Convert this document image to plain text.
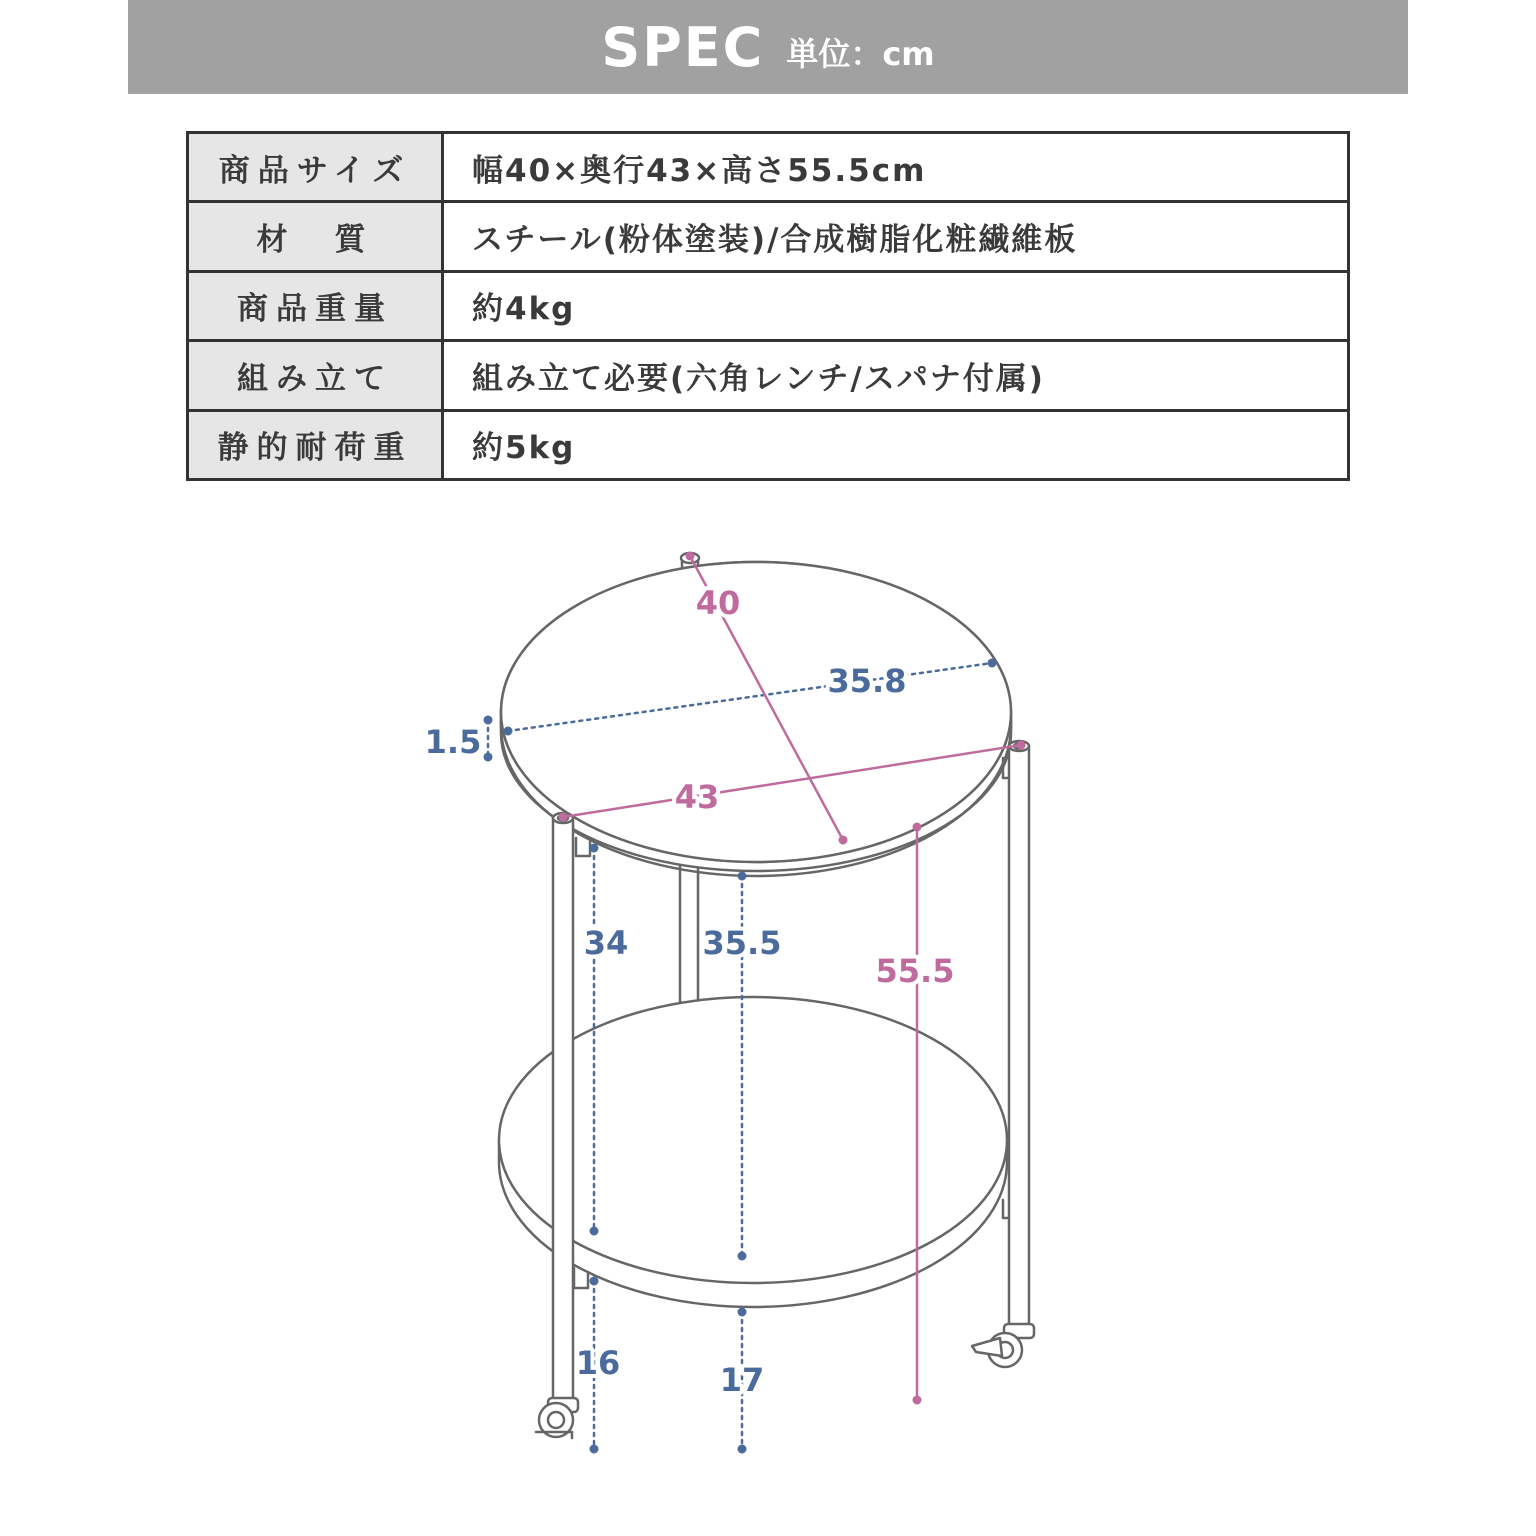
SPEC 単位：cm
商品サイズ	幅40×奥行43×高さ55.5cm
材　質	スチール(粉体塗装)/合成樹脂化粧繊維板
商品重量	約4kg
組み立て	組み立て必要(六角レンチ/スパナ付属)
静的耐荷重	約5kg
40
35.8
1.5
43
34 35.5
55.5
16	17
